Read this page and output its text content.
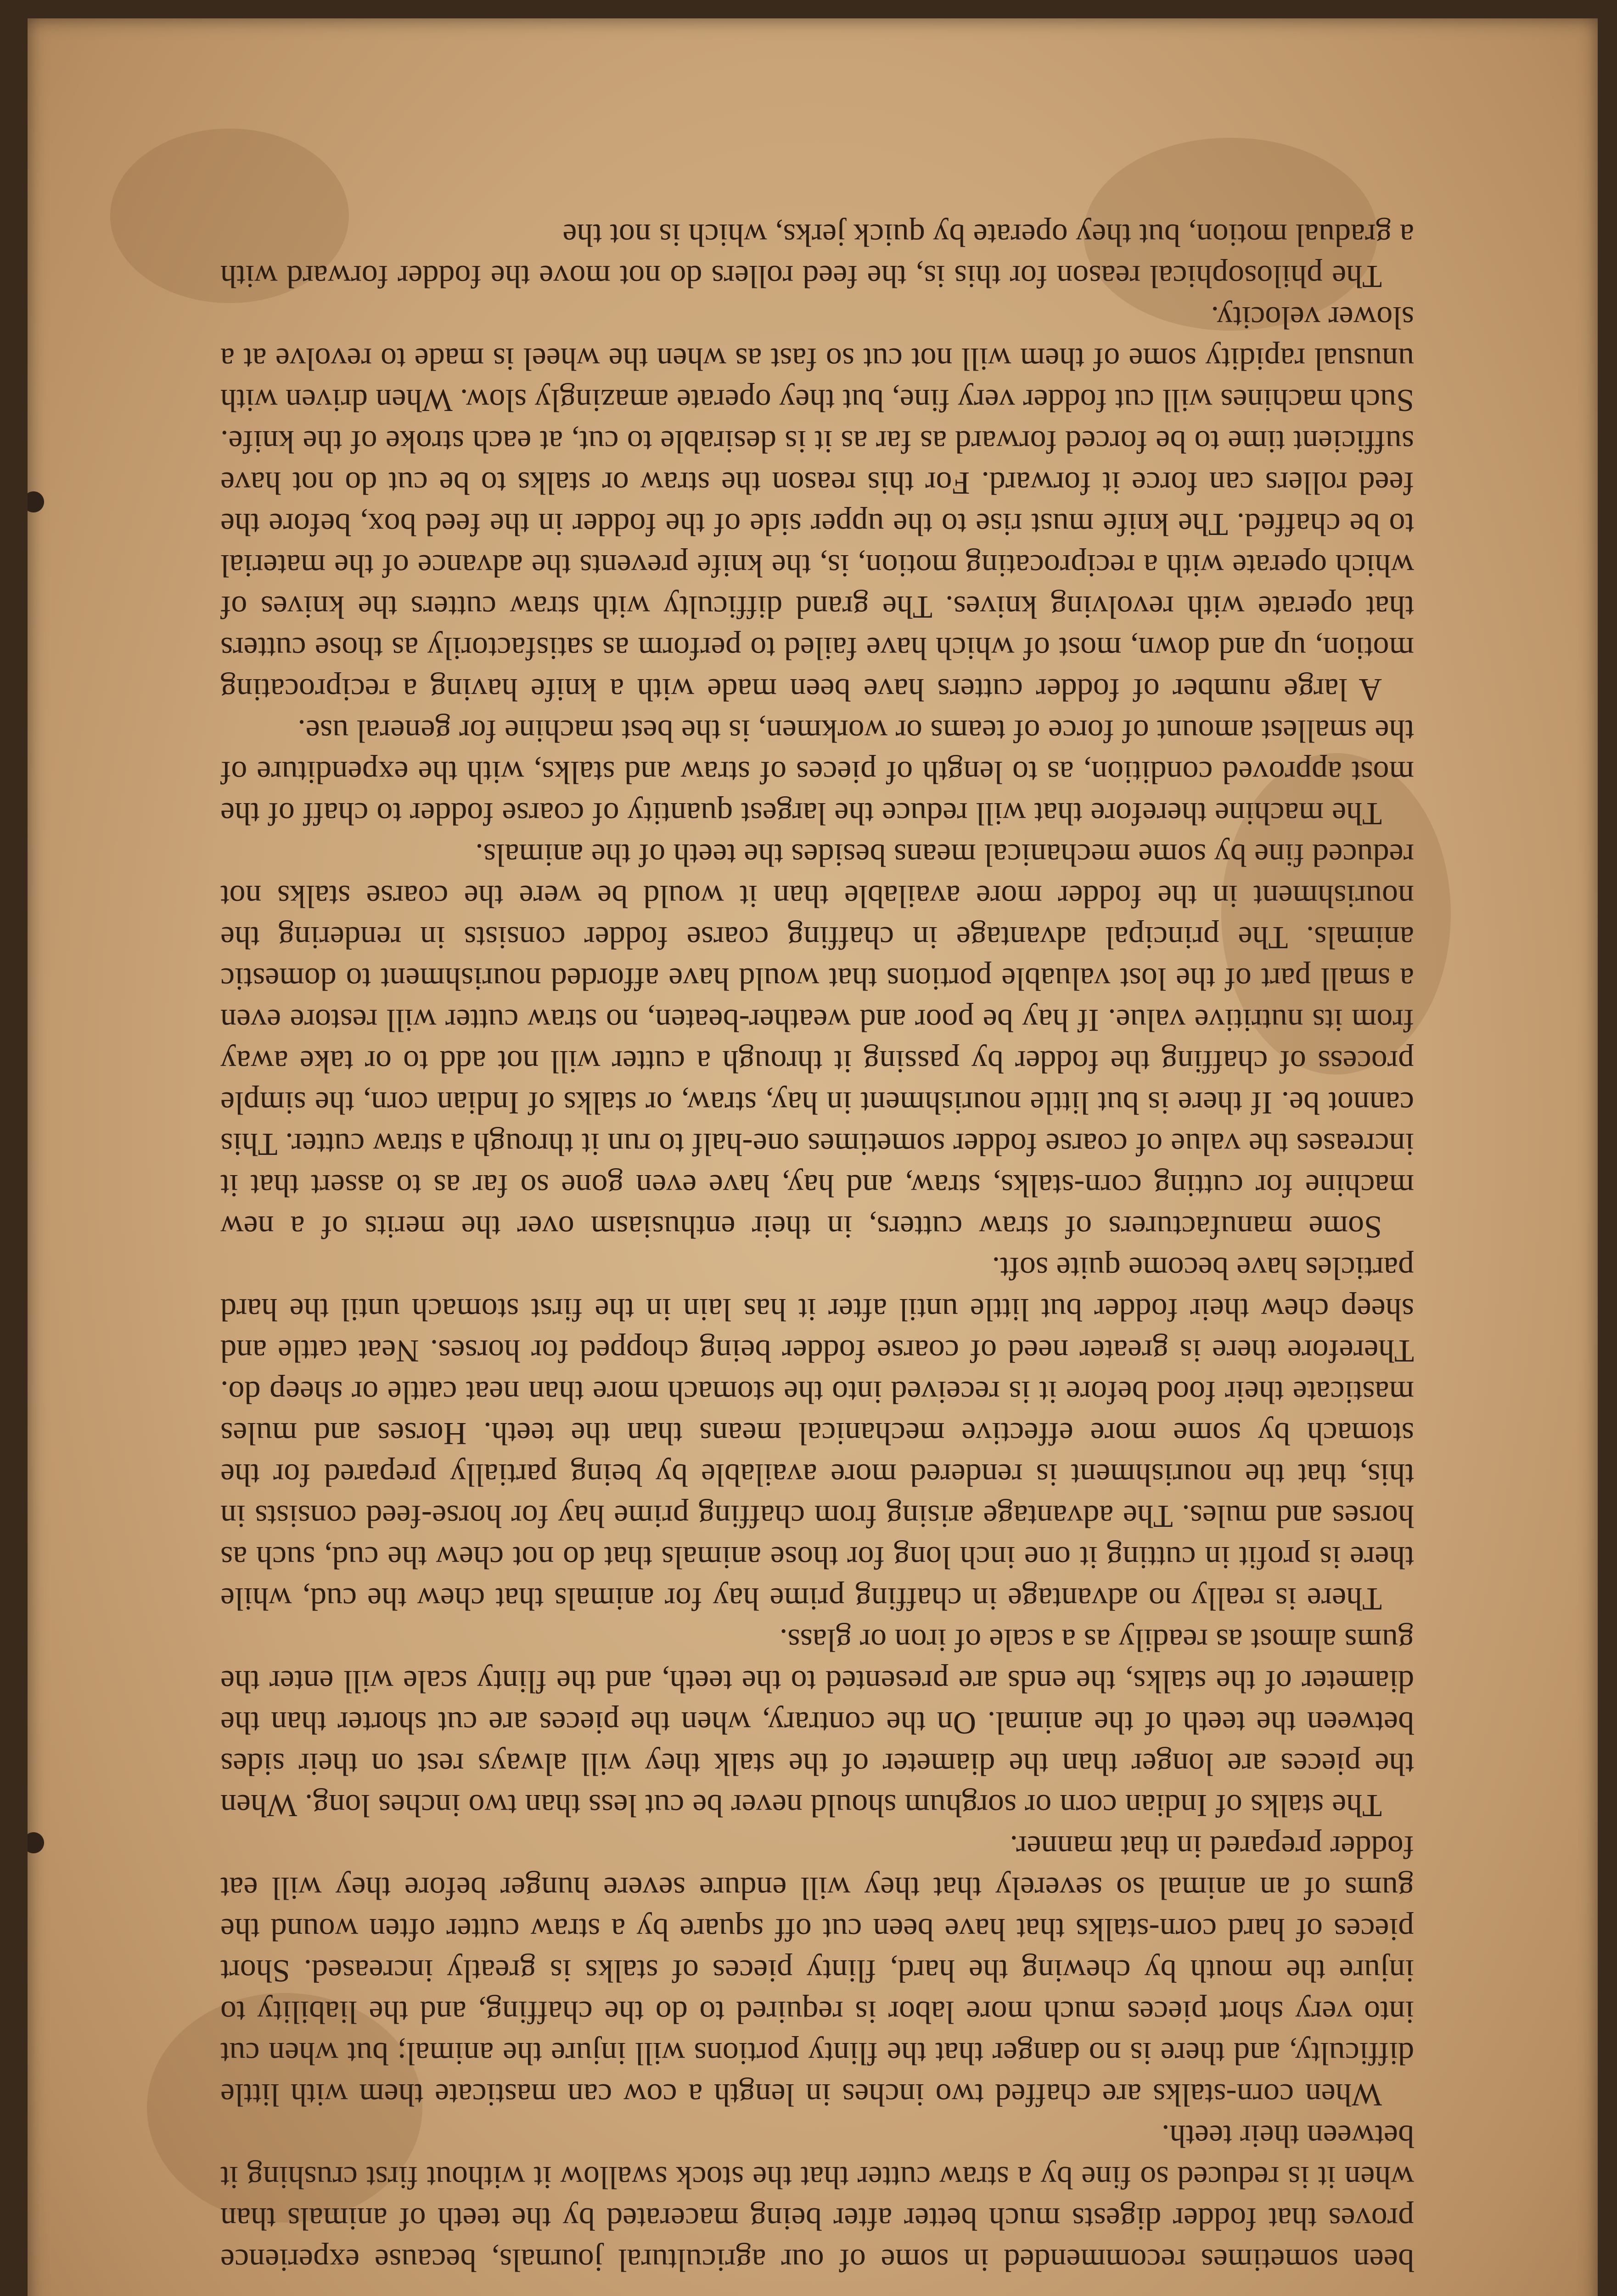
been sometimes recommended in some of our agricultural journals, because experience proves that fodder digests much better after being macerated by the teeth of animals than when it is reduced so fine by a straw cutter that the stock swallow it without first crushing it between their teeth.

When corn-stalks are chaffed two inches in length a cow can masticate them with little difficulty, and there is no danger that the flinty portions will injure the animal; but when cut into very short pieces much more labor is required to do the chaffing, and the liability to injure the mouth by chewing the hard, flinty pieces of stalks is greatly increased. Short pieces of hard corn-stalks that have been cut off square by a straw cutter often wound the gums of an animal so severely that they will endure severe hunger before they will eat fodder prepared in that manner.

The stalks of Indian corn or sorghum should never be cut less than two inches long. When the pieces are longer than the diameter of the stalk they will always rest on their sides between the teeth of the animal. On the contrary, when the pieces are cut shorter than the diameter of the stalks, the ends are presented to the teeth, and the flinty scale will enter the gums almost as readily as a scale of iron or glass.

There is really no advantage in chaffing prime hay for animals that chew the cud, while there is profit in cutting it one inch long for those animals that do not chew the cud, such as horses and mules. The advantage arising from chaffing prime hay for horse-feed consists in this, that the nourishment is rendered more available by being partially prepared for the stomach by some more effective mechanical means than the teeth. Horses and mules masticate their food before it is received into the stomach more than neat cattle or sheep do. Therefore there is greater need of coarse fodder being chopped for horses. Neat cattle and sheep chew their fodder but little until after it has lain in the first stomach until the hard particles have become quite soft.

Some manufacturers of straw cutters, in their enthusiasm over the merits of a new machine for cutting corn-stalks, straw, and hay, have even gone so far as to assert that it increases the value of coarse fodder sometimes one-half to run it through a straw cutter. This cannot be. If there is but little nourishment in hay, straw, or stalks of Indian corn, the simple process of chaffing the fodder by passing it through a cutter will not add to or take away from its nutritive value. If hay be poor and weather-beaten, no straw cutter will restore even a small part of the lost valuable portions that would have afforded nourishment to domestic animals. The principal advantage in chaffing coarse fodder consists in rendering the nourishment in the fodder more available than it would be were the coarse stalks not reduced fine by some mechanical means besides the teeth of the animals.

The machine therefore that will reduce the largest quantity of coarse fodder to chaff of the most approved condition, as to length of pieces of straw and stalks, with the expenditure of the smallest amount of force of teams or workmen, is the best machine for general use.

A large number of fodder cutters have been made with a knife having a reciprocating motion, up and down, most of which have failed to perform as satisfactorily as those cutters that operate with revolving knives. The grand difficulty with straw cutters the knives of which operate with a reciprocating motion, is, the knife prevents the advance of the material to be chaffed. The knife must rise to the upper side of the fodder in the feed box, before the feed rollers can force it forward. For this reason the straw or stalks to be cut do not have sufficient time to be forced forward as far as it is desirable to cut, at each stroke of the knife. Such machines will cut fodder very fine, but they operate amazingly slow. When driven with unusual rapidity some of them will not cut so fast as when the wheel is made to revolve at a slower velocity.

The philosophical reason for this is, the feed rollers do not move the fodder forward with a gradual motion, but they operate by quick jerks, which is not the
